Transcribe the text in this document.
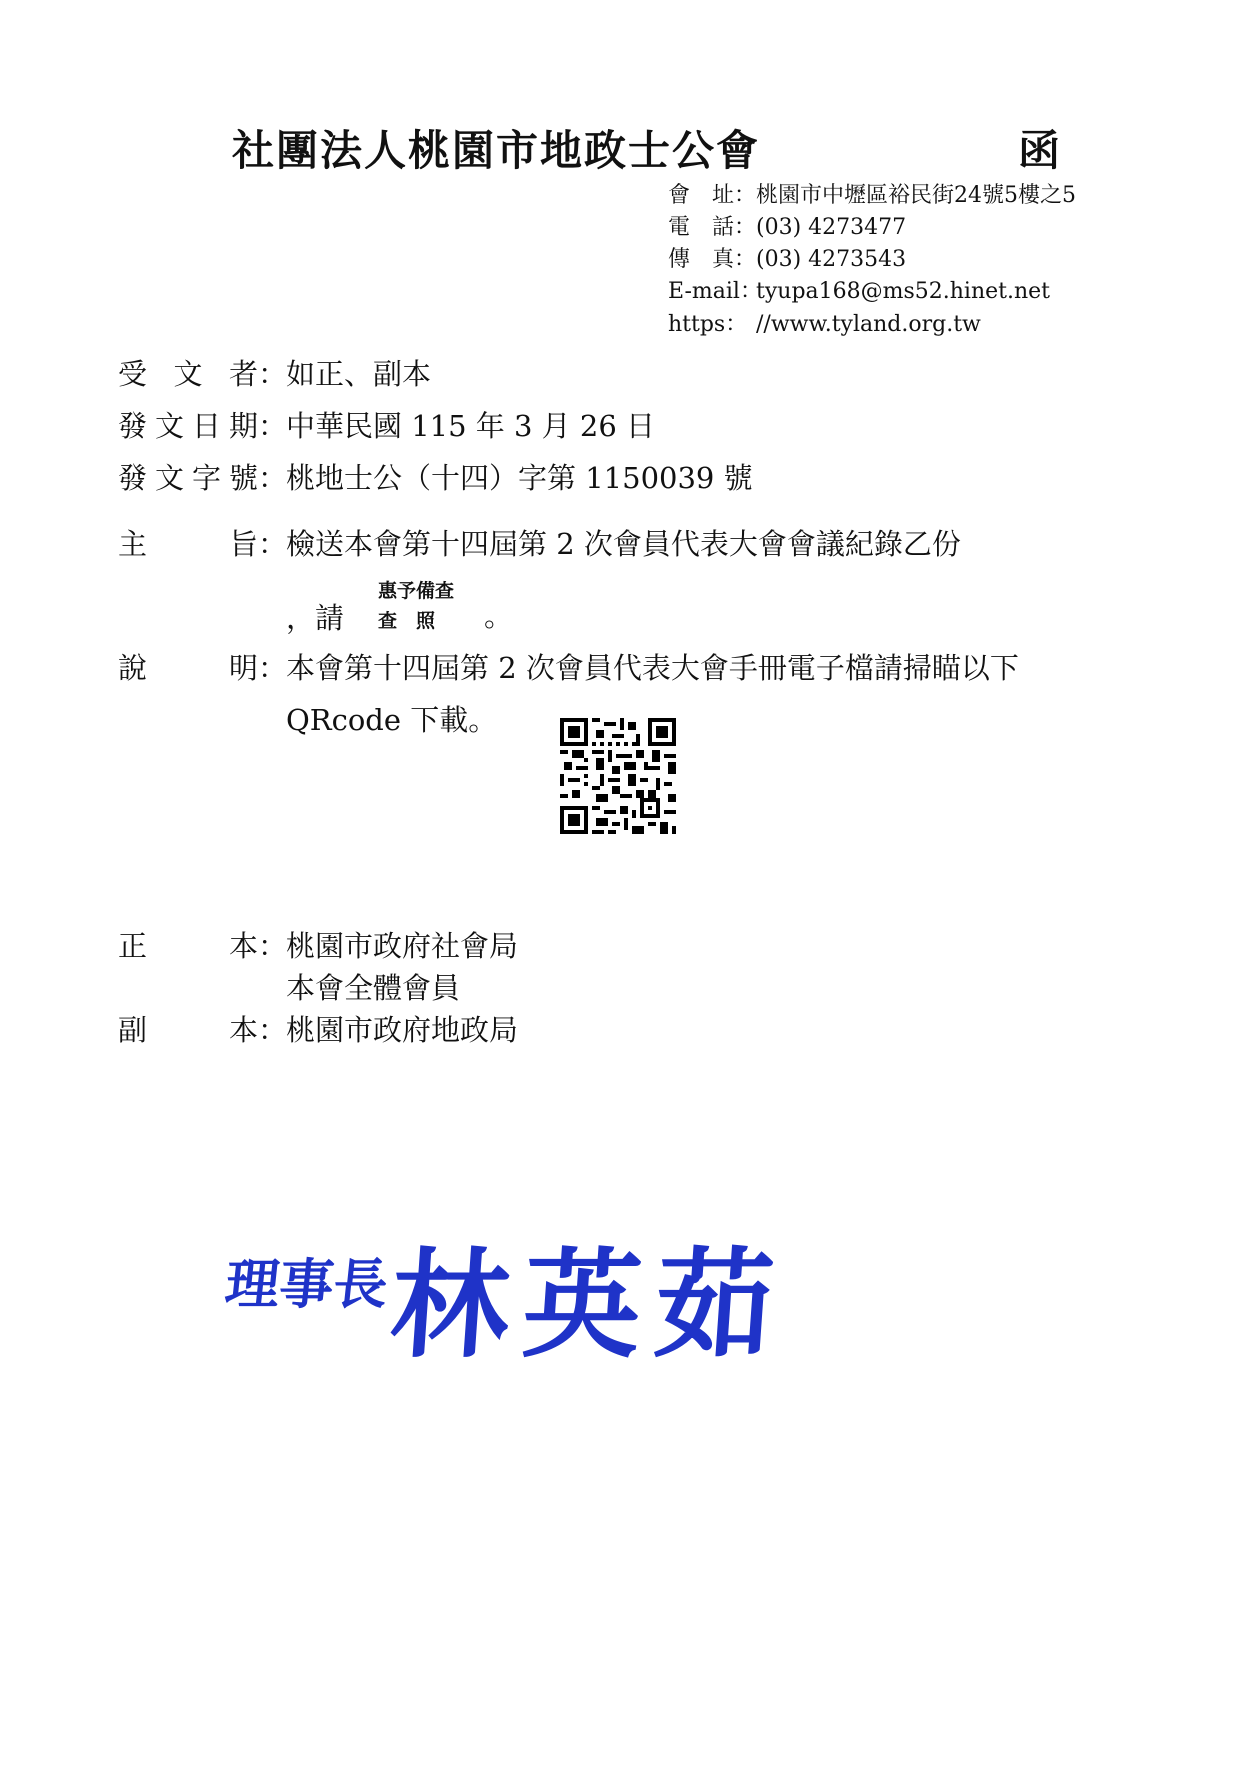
社團法人桃園市地政士公會	函
會　址：桃園市中壢區裕民街24號5樓之5
電　話：(03) 4273477
傳　真：(03) 4273543
E-mail：tyupa168@ms52.hinet.net
https： //www.tyland.org.tw
受文者：如正、副本
發文日期：中華民國 115 年 3 月 26 日
發文字號：桃地士公（十四）字第 1150039 號
主旨：檢送本會第十四屆第 2 次會員代表大會會議紀錄乙份
，請
惠予備查
查　照 。
說明：本會第十四屆第 2 次會員代表大會手冊電子檔請掃瞄以下
QRcode 下載。
正本：桃園市政府社會局
本會全體會員
副本：桃園市政府地政局
理事長
林英茹
